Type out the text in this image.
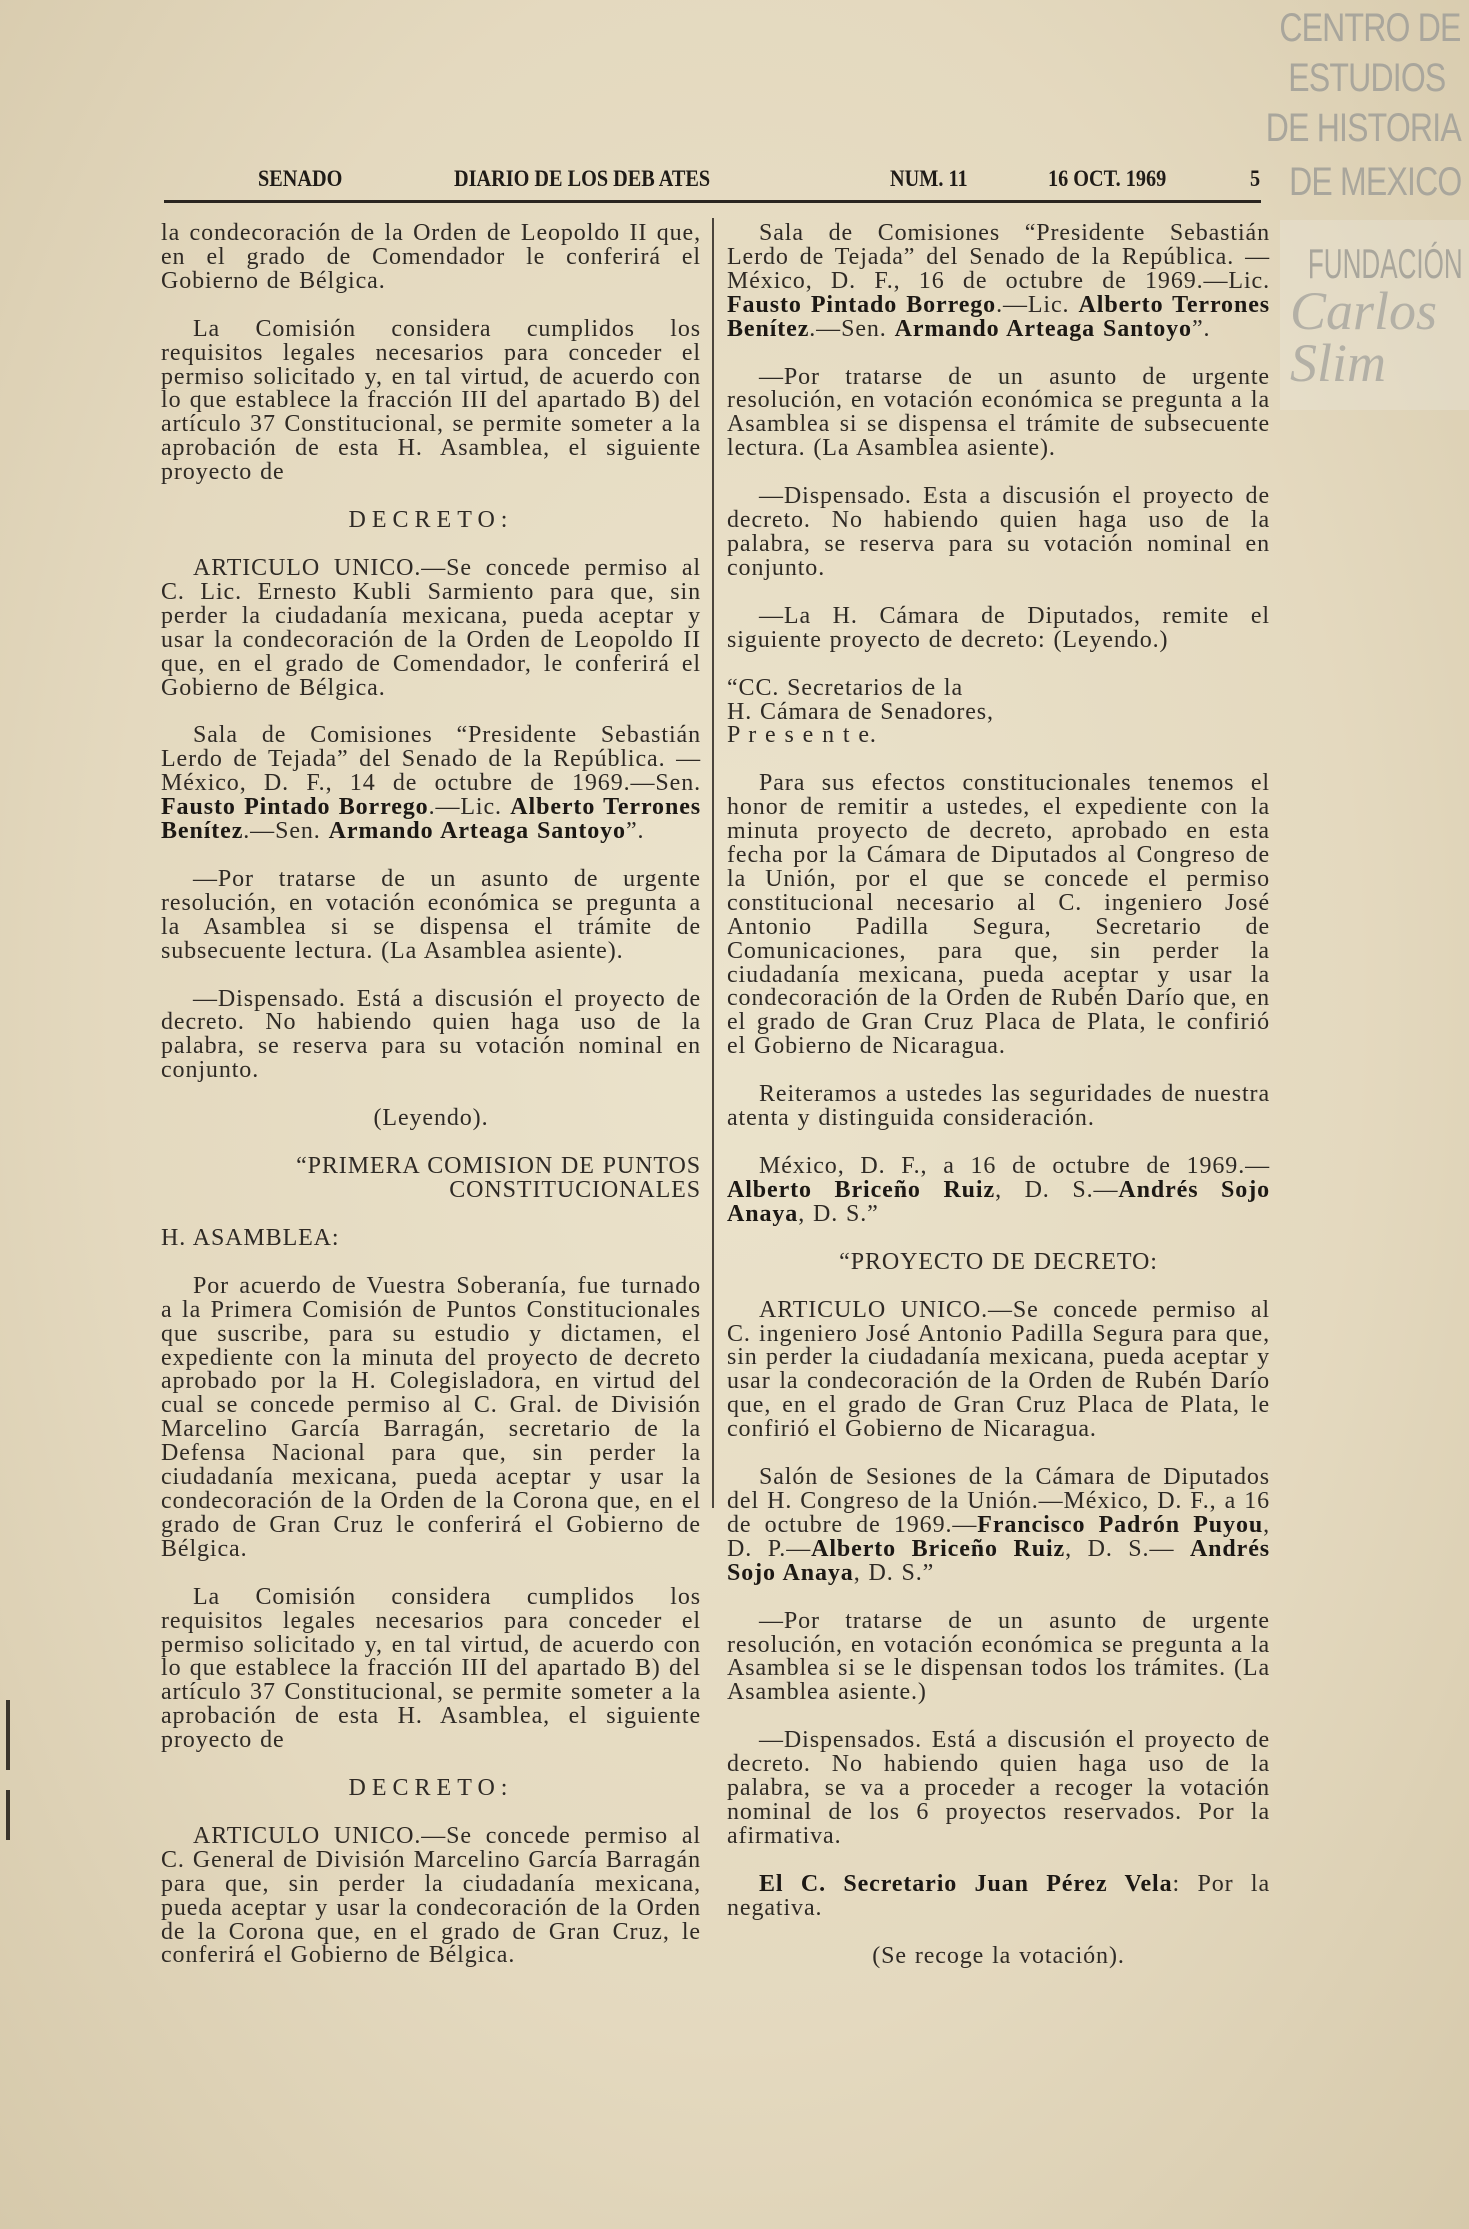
CENTRO DE
ESTUDIOS
DE HISTORIA
DE MEXICO
FUNDACIÓN
Carlos Slim
SENADO	DIARIO DE LOS DEB ATES	NUM. 11	16 OCT. 1969	5

la condecoración de la Orden de Leopoldo II que, en el grado de Comendador le conferirá el Gobierno de Bélgica.

La Comisión considera cumplidos los requisitos legales necesarios para conceder el permiso solicitado y, en tal virtud, de acuerdo con lo que establece la fracción III del apartado B) del artículo 37 Constitucional, se permite someter a la aprobación de esta H. Asamblea, el siguiente proyecto de

DECRETO:

ARTICULO UNICO.—Se concede permiso al C. Lic. Ernesto Kubli Sarmiento para que, sin perder la ciudadanía mexicana, pueda aceptar y usar la condecoración de la Orden de Leopoldo II que, en el grado de Comendador, le conferirá el Gobierno de Bélgica.

Sala de Comisiones “Presidente Sebastián Lerdo de Tejada” del Senado de la República. —México, D. F., 14 de octubre de 1969.—Sen. Fausto Pintado Borrego.—Lic. Alberto Terrones Benítez.—Sen. Armando Arteaga Santoyo”.

—Por tratarse de un asunto de urgente resolución, en votación económica se pregunta a la Asamblea si se dispensa el trámite de subsecuente lectura. (La Asamblea asiente).

—Dispensado. Está a discusión el proyecto de decreto. No habiendo quien haga uso de la palabra, se reserva para su votación nominal en conjunto.

(Leyendo).

“PRIMERA COMISION DE PUNTOS CONSTITUCIONALES

H. ASAMBLEA:

Por acuerdo de Vuestra Soberanía, fue turnado a la Primera Comisión de Puntos Constitucionales que suscribe, para su estudio y dictamen, el expediente con la minuta del proyecto de decreto aprobado por la H. Colegisladora, en virtud del cual se concede permiso al C. Gral. de División Marcelino García Barragán, secretario de la Defensa Nacional para que, sin perder la ciudadanía mexicana, pueda aceptar y usar la condecoración de la Orden de la Corona que, en el grado de Gran Cruz le conferirá el Gobierno de Bélgica.

La Comisión considera cumplidos los requisitos legales necesarios para conceder el permiso solicitado y, en tal virtud, de acuerdo con lo que establece la fracción III del apartado B) del artículo 37 Constitucional, se permite someter a la aprobación de esta H. Asamblea, el siguiente proyecto de

DECRETO:

ARTICULO UNICO.—Se concede permiso al C. General de División Marcelino García Barragán para que, sin perder la ciudadanía mexicana, pueda aceptar y usar la condecoración de la Orden de la Corona que, en el grado de Gran Cruz, le conferirá el Gobierno de Bélgica.

Sala de Comisiones “Presidente Sebastián Lerdo de Tejada” del Senado de la República. —México, D. F., 16 de octubre de 1969.—Lic. Fausto Pintado Borrego.—Lic. Alberto Terrones Benítez.—Sen. Armando Arteaga Santoyo”.

—Por tratarse de un asunto de urgente resolución, en votación económica se pregunta a la Asamblea si se dispensa el trámite de subsecuente lectura. (La Asamblea asiente).

—Dispensado. Esta a discusión el proyecto de decreto. No habiendo quien haga uso de la palabra, se reserva para su votación nominal en conjunto.

—La H. Cámara de Diputados, remite el siguiente proyecto de decreto: (Leyendo.)

“CC. Secretarios de la
H. Cámara de Senadores,
P r e s e n t e.

Para sus efectos constitucionales tenemos el honor de remitir a ustedes, el expediente con la minuta proyecto de decreto, aprobado en esta fecha por la Cámara de Diputados al Congreso de la Unión, por el que se concede el permiso constitucional necesario al C. ingeniero José Antonio Padilla Segura, Secretario de Comunicaciones, para que, sin perder la ciudadanía mexicana, pueda aceptar y usar la condecoración de la Orden de Rubén Darío que, en el grado de Gran Cruz Placa de Plata, le confirió el Gobierno de Nicaragua.

Reiteramos a ustedes las seguridades de nuestra atenta y distinguida consideración.

México, D. F., a 16 de octubre de 1969.— Alberto Briceño Ruiz, D. S.—Andrés Sojo Anaya, D. S.”

“PROYECTO DE DECRETO:

ARTICULO UNICO.—Se concede permiso al C. ingeniero José Antonio Padilla Segura para que, sin perder la ciudadanía mexicana, pueda aceptar y usar la condecoración de la Orden de Rubén Darío que, en el grado de Gran Cruz Placa de Plata, le confirió el Gobierno de Nicaragua.

Salón de Sesiones de la Cámara de Diputados del H. Congreso de la Unión.—México, D. F., a 16 de octubre de 1969.—Francisco Padrón Puyou, D. P.—Alberto Briceño Ruiz, D. S.— Andrés Sojo Anaya, D. S.”

—Por tratarse de un asunto de urgente resolución, en votación económica se pregunta a la Asamblea si se le dispensan todos los trámites. (La Asamblea asiente.)

—Dispensados. Está a discusión el proyecto de decreto. No habiendo quien haga uso de la palabra, se va a proceder a recoger la votación nominal de los 6 proyectos reservados. Por la afirmativa.

El C. Secretario Juan Pérez Vela: Por la negativa.

(Se recoge la votación).
